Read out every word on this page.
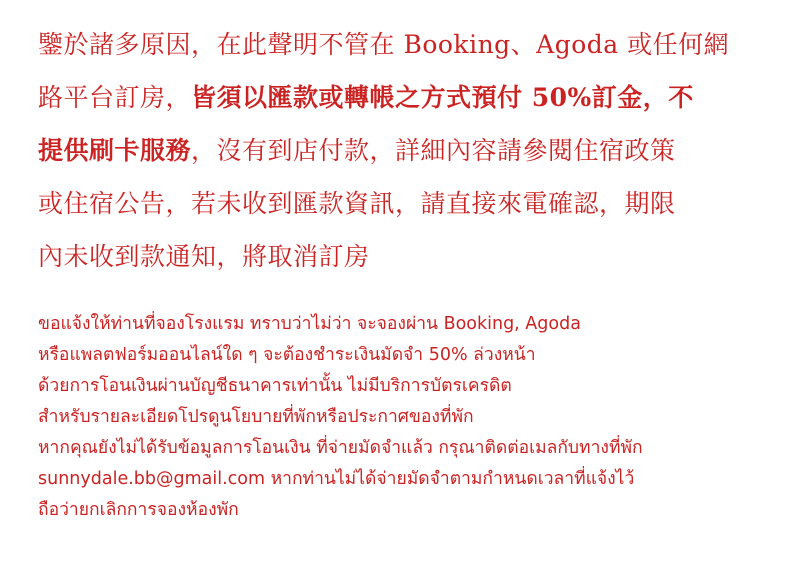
鑒於諸多原因，在此聲明不管在 Booking、Agoda 或任何網
路平台訂房，皆須以匯款或轉帳之方式預付 50%訂金，不
提供刷卡服務，沒有到店付款，詳細內容請參閱住宿政策
或住宿公告，若未收到匯款資訊，請直接來電確認，期限
內未收到款通知，將取消訂房
ขอแจ้งให้ท่านที่จองโรงแรม ทราบว่าไม่ว่า จะจองผ่าน Booking, Agoda
หรือแพลตฟอร์มออนไลน์ใด ๆ จะต้องชำระเงินมัดจำ 50% ล่วงหน้า
ด้วยการโอนเงินผ่านบัญชีธนาคารเท่านั้น ไม่มีบริการบัตรเครดิต
สำหรับรายละเอียดโปรดูนโยบายที่พักหรือประกาศของที่พัก
หากคุณยังไม่ได้รับข้อมูลการโอนเงิน ที่จ่ายมัดจำแล้ว กรุณาติดต่อเมลกับทางที่พัก
sunnydale.bb@gmail.com หากท่านไม่ได้จ่ายมัดจำตามกำหนดเวลาที่แจ้งไว้
ถือว่ายกเลิกการจองห้องพัก
